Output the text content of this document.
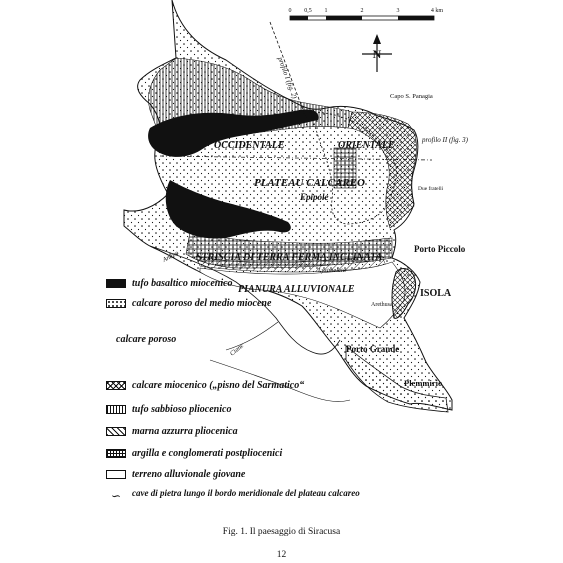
0 0,5 1	2	3	4 km
N
profilo I (fig. 2)
profilo II (fig. 3)
Capo S. Panagia
OCCIDENTALE	ORIENTALE
PLATEAU CALCAREO
Epipole
STRISCIA DI TERRA FERMA INCLINATA
PIANURA ALLUVIONALE
Lysimeleia
Porto Piccolo
ISOLA
Arethusa
Porto Grande
Plemmirio
calcare poroso
Anapo
Ciane
Due fratelli
tufo basaltico miocenico
calcare poroso del medio miocene
calcare miocenico („pisno del Sarmatico“
tufo sabbioso pliocenico
marna azzurra pliocenica
argilla e conglomerati postpliocenici
terreno alluvionale giovane
∽	cave di pietra lungo il bordo meridionale del plateau calcareo
Fig. 1. Il paesaggio di Siracusa
12
